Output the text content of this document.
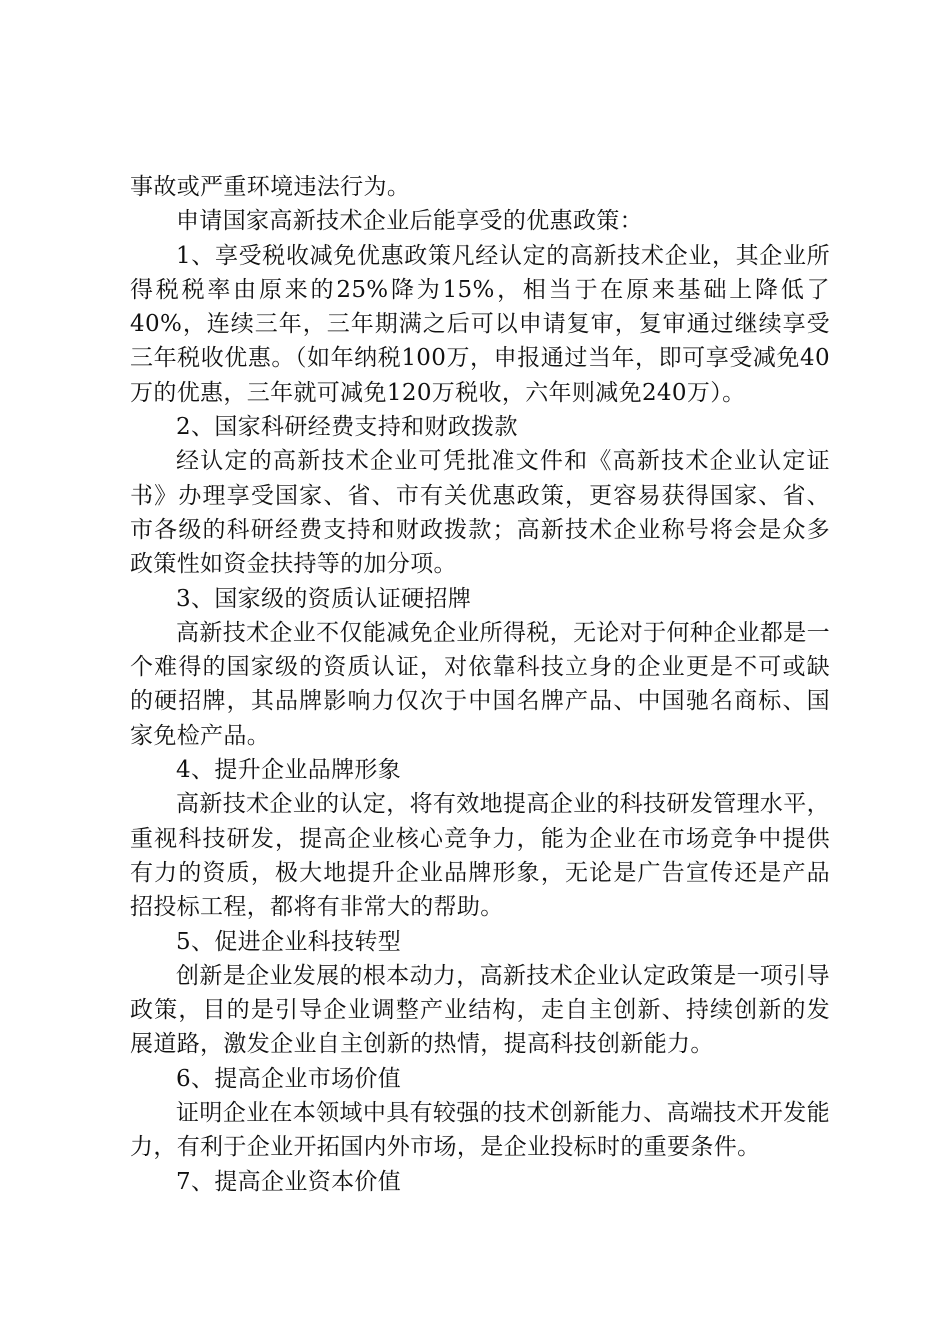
事故或严重环境违法行为。

申请国家高新技术企业后能享受的优惠政策：

1、享受税收减免优惠政策凡经认定的高新技术企业，其企业所得税税率由原来的25%降为15%，相当于在原来基础上降低了40%，连续三年，三年期满之后可以申请复审，复审通过继续享受三年税收优惠。（如年纳税100万，申报通过当年，即可享受减免40万的优惠，三年就可减免120万税收，六年则减免240万）。

2、国家科研经费支持和财政拨款

经认定的高新技术企业可凭批准文件和《高新技术企业认定证书》办理享受国家、省、市有关优惠政策，更容易获得国家、省、市各级的科研经费支持和财政拨款；高新技术企业称号将会是众多政策性如资金扶持等的加分项。

3、国家级的资质认证硬招牌

高新技术企业不仅能减免企业所得税，无论对于何种企业都是一个难得的国家级的资质认证，对依靠科技立身的企业更是不可或缺的硬招牌，其品牌影响力仅次于中国名牌产品、中国驰名商标、国家免检产品。

4、提升企业品牌形象

高新技术企业的认定，将有效地提高企业的科技研发管理水平，重视科技研发，提高企业核心竞争力，能为企业在市场竞争中提供有力的资质，极大地提升企业品牌形象，无论是广告宣传还是产品招投标工程，都将有非常大的帮助。

5、促进企业科技转型

创新是企业发展的根本动力，高新技术企业认定政策是一项引导政策，目的是引导企业调整产业结构，走自主创新、持续创新的发展道路，激发企业自主创新的热情，提高科技创新能力。

6、提高企业市场价值

证明企业在本领域中具有较强的技术创新能力、高端技术开发能力，有利于企业开拓国内外市场，是企业投标时的重要条件。

7、提高企业资本价值
